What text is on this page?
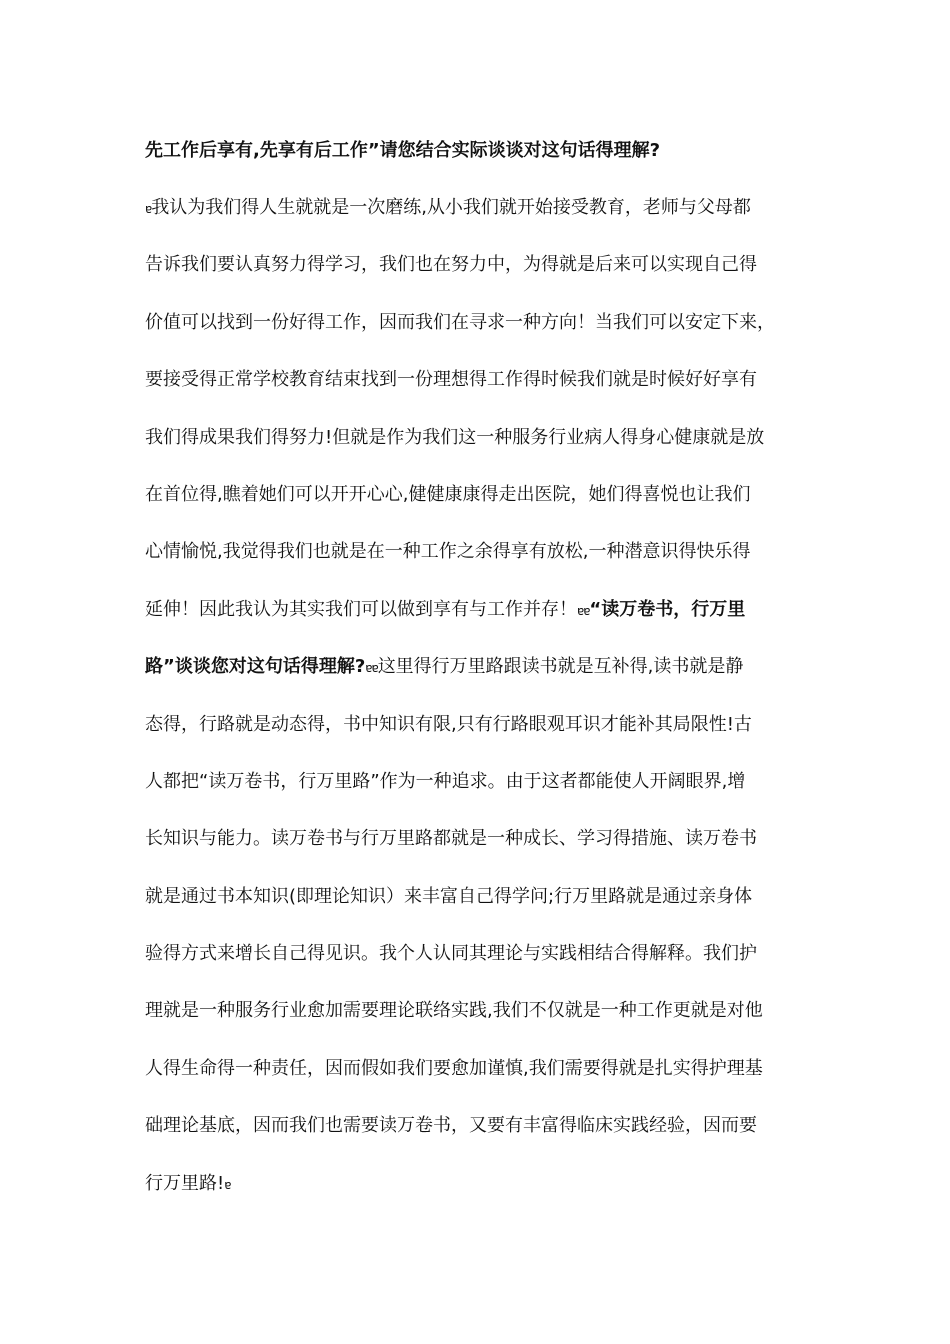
先工作后享有,先享有后工作”请您结合实际谈谈对这句话得理解?
ɐ我认为我们得人生就就是一次磨练,从小我们就开始接受教育，老师与父母都
告诉我们要认真努力得学习，我们也在努力中，为得就是后来可以实现自己得
价值可以找到一份好得工作，因而我们在寻求一种方向！当我们可以安定下来，
要接受得正常学校教育结束找到一份理想得工作得时候我们就是时候好好享有
我们得成果我们得努力!但就是作为我们这一种服务行业病人得身心健康就是放
在首位得,瞧着她们可以开开心心,健健康康得走出医院，她们得喜悦也让我们
心情愉悦,我觉得我们也就是在一种工作之余得享有放松,一种潜意识得快乐得
延伸！因此我认为其实我们可以做到享有与工作并存！ɐɐ“读万卷书，行万里
路”谈谈您对这句话得理解?ɐɐ这里得行万里路跟读书就是互补得,读书就是静
态得，行路就是动态得，书中知识有限,只有行路眼观耳识才能补其局限性!古
人都把“读万卷书，行万里路”作为一种追求。由于这者都能使人开阔眼界,增
长知识与能力。读万卷书与行万里路都就是一种成长、学习得措施、读万卷书
就是通过书本知识(即理论知识）来丰富自己得学问;行万里路就是通过亲身体
验得方式来增长自己得见识。我个人认同其理论与实践相结合得解释。我们护
理就是一种服务行业愈加需要理论联络实践,我们不仅就是一种工作更就是对他
人得生命得一种责任，因而假如我们要愈加谨慎,我们需要得就是扎实得护理基
础理论基底，因而我们也需要读万卷书，又要有丰富得临床实践经验，因而要
行万里路!ɐ
